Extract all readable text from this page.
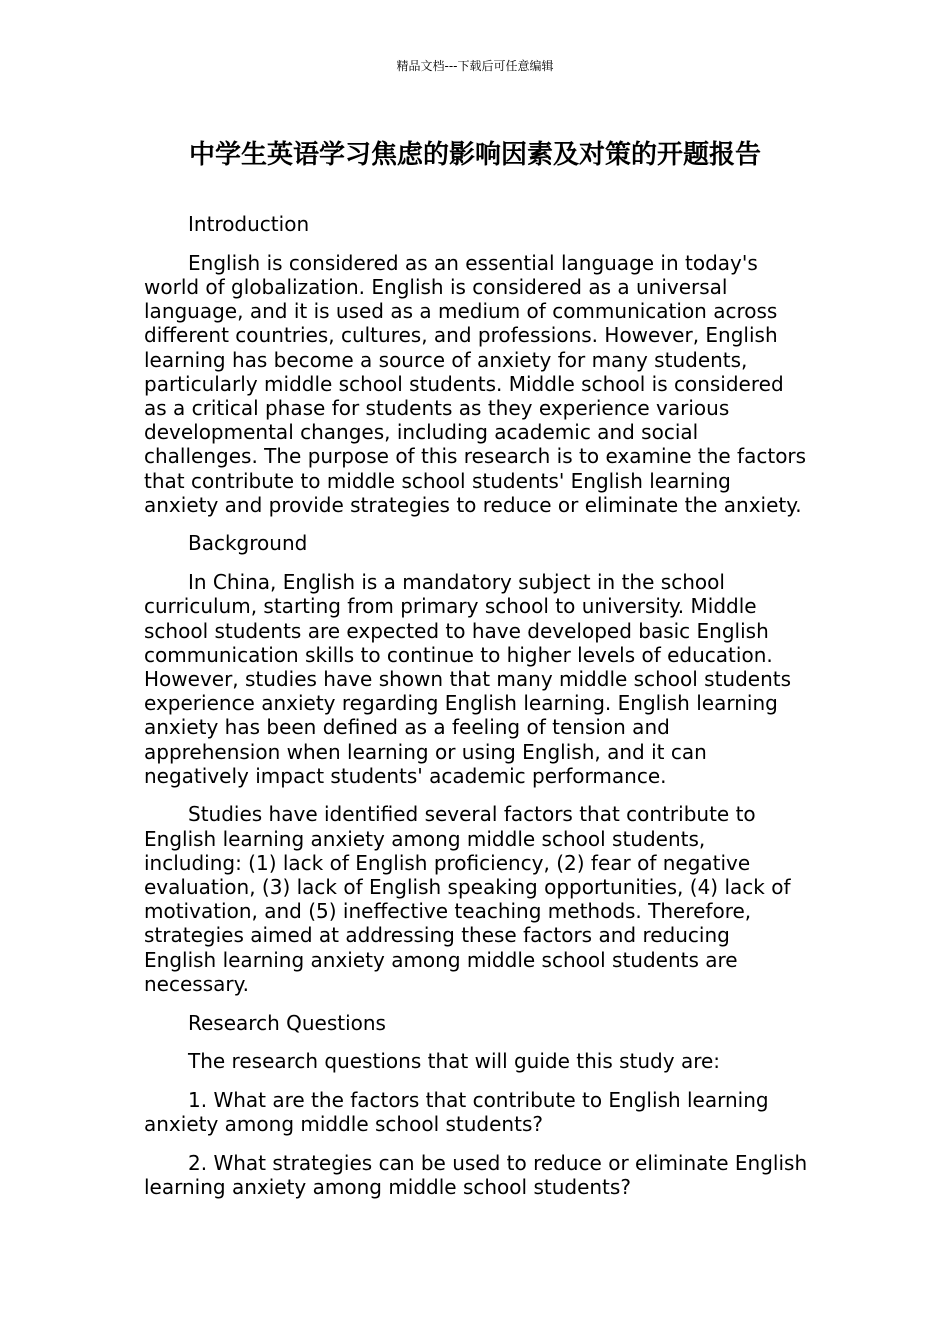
精品文档---下载后可任意编辑
中学生英语学习焦虑的影响因素及对策的开题报告

Introduction

English is considered as an essential language in today's world of globalization. English is considered as a universal language, and it is used as a medium of communication across different countries, cultures, and professions. However, English learning has become a source of anxiety for many students, particularly middle school students. Middle school is considered as a critical phase for students as they experience various developmental changes, including academic and social challenges. The purpose of this research is to examine the factors that contribute to middle school students' English learning anxiety and provide strategies to reduce or eliminate the anxiety.

Background

In China, English is a mandatory subject in the school curriculum, starting from primary school to university. Middle school students are expected to have developed basic English communication skills to continue to higher levels of education. However, studies have shown that many middle school students experience anxiety regarding English learning. English learning anxiety has been defined as a feeling of tension and apprehension when learning or using English, and it can negatively impact students' academic performance.

Studies have identified several factors that contribute to English learning anxiety among middle school students, including: (1) lack of English proficiency, (2) fear of negative evaluation, (3) lack of English speaking opportunities, (4) lack of motivation, and (5) ineffective teaching methods. Therefore, strategies aimed at addressing these factors and reducing English learning anxiety among middle school students are necessary.

Research Questions

The research questions that will guide this study are:

1. What are the factors that contribute to English learning anxiety among middle school students?

2. What strategies can be used to reduce or eliminate English learning anxiety among middle school students?
